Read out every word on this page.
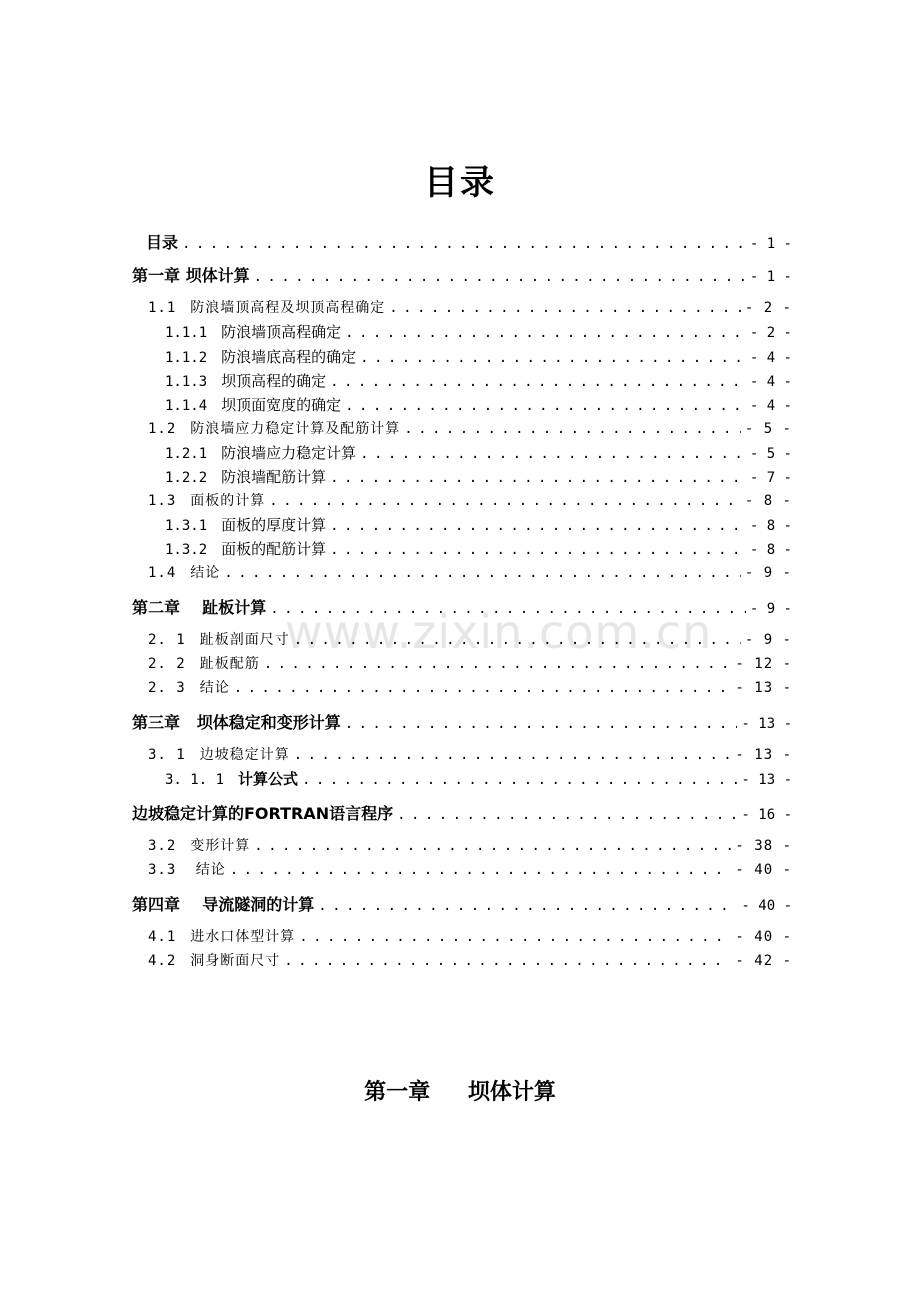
目录
www.zixin.com.cn
目录 . . .	- 1 -
第一章 坝体计算 . . .	- 1 -
1.1 防浪墙顶高程及坝顶高程确定 . . .	- 2 -
1.1.1 防浪墙顶高程确定 . . .	- 2 -
1.1.2 防浪墙底高程的确定 . . .	- 4 -
1.1.3 坝顶高程的确定 . . .	- 4 -
1.1.4 坝顶面宽度的确定 . . .	- 4 -
1.2 防浪墙应力稳定计算及配筋计算 . . .	- 5 -
1.2.1 防浪墙应力稳定计算 . . .	- 5 -
1.2.2 防浪墙配筋计算 . . .	- 7 -
1.3 面板的计算 . . .	- 8 -
1.3.1 面板的厚度计算 . . .	- 8 -
1.3.2 面板的配筋计算 . . .	- 8 -
1.4 结论 . . .	- 9 -
第二章    趾板计算 . . .	- 9 -
2. 1 趾板剖面尺寸 . . .	- 9 -
2. 2 趾板配筋 . . .	- 12 -
2. 3 结论 . . .	- 13 -
第三章   坝体稳定和变形计算 . . .	- 13 -
3. 1 边坡稳定计算 . . .	- 13 -
3. 1. 1 计算公式 . . .	- 13 -
边坡稳定计算的FORTRAN语言程序 . . .	- 16 -
3.2 变形计算 . . .	- 38 -
3.3 结论 . . .	- 40 -
第四章    导流隧洞的计算 . . .	- 40 -
4.1 进水口体型计算 . . .	- 40 -
4.2 洞身断面尺寸 . . .	- 42 -
第一章 坝体计算
